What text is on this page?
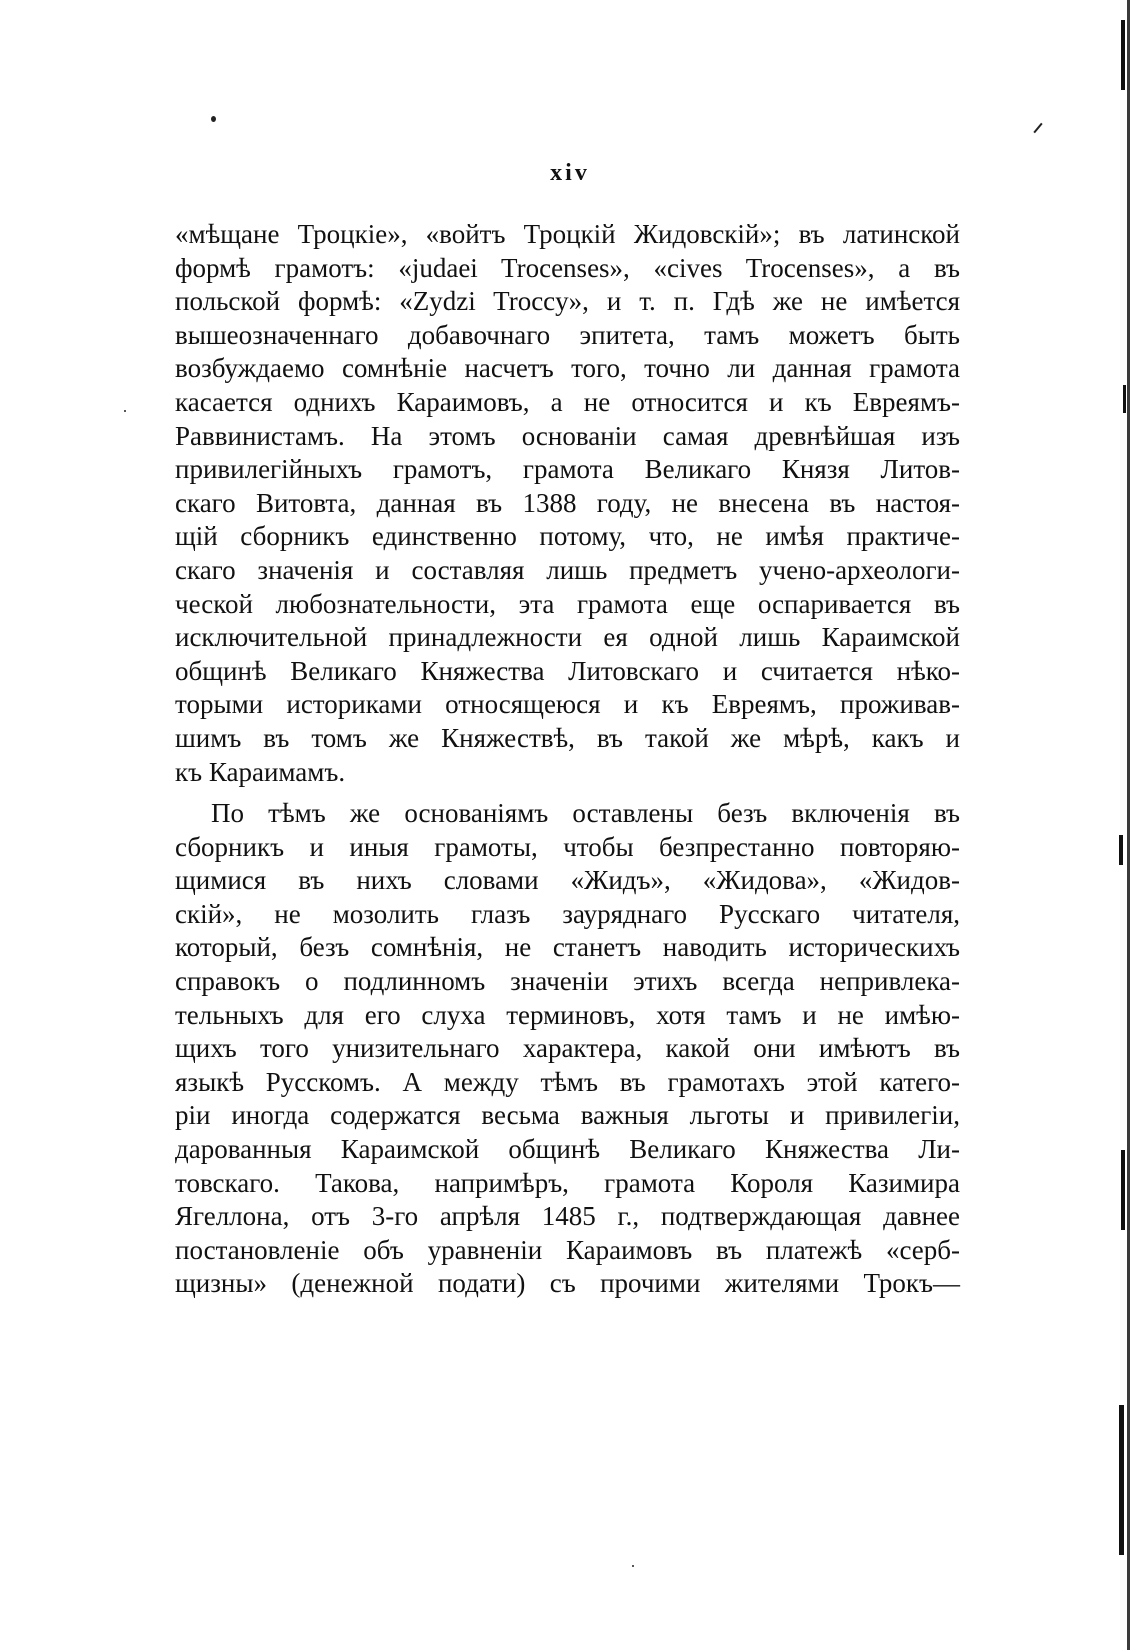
xiv
«мѣщане Троцкіе», «войтъ Троцкій Жидовскій»; въ латинской
формѣ грамотъ: «judaei Trocenses», «cives Trocenses», а въ
польской формѣ: «Zydzi Troccy», и т. п. Гдѣ же не имѣется
вышеозначеннаго добавочнаго эпитета, тамъ можетъ быть
возбуждаемо сомнѣніе насчетъ того, точно ли данная грамота
касается однихъ Караимовъ, а не относится и къ Евреямъ-
Раввинистамъ. На этомъ основаніи самая древнѣйшая изъ
привилегійныхъ грамотъ, грамота Великаго Князя Литов-
скаго Витовта, данная въ 1388 году, не внесена въ настоя-
щій сборникъ единственно потому, что, не имѣя практиче-
скаго значенія и составляя лишь предметъ учено-археологи-
ческой любознательности, эта грамота еще оспаривается въ
исключительной принадлежности ея одной лишь Караимской
общинѣ Великаго Княжества Литовскаго и считается нѣко-
торыми историками относящеюся и къ Евреямъ, проживав-
шимъ въ томъ же Княжествѣ, въ такой же мѣрѣ, какъ и
къ Караимамъ.
По тѣмъ же основаніямъ оставлены безъ включенія въ
сборникъ и иныя грамоты, чтобы безпрестанно повторяю-
щимися въ нихъ словами «Жидъ», «Жидова», «Жидов-
скій», не мозолить глазъ зауряднаго Русскаго читателя,
который, безъ сомнѣнія, не станетъ наводить историческихъ
справокъ о подлинномъ значеніи этихъ всегда непривлека-
тельныхъ для его слуха терминовъ, хотя тамъ и не имѣю-
щихъ того унизительнаго характера, какой они имѣютъ въ
языкѣ Русскомъ. А между тѣмъ въ грамотахъ этой катего-
ріи иногда содержатся весьма важныя льготы и привилегіи,
дарованныя Караимской общинѣ Великаго Княжества Ли-
товскаго. Такова, напримѣръ, грамота Короля Казимира
Ягеллона, отъ 3-го апрѣля 1485 г., подтверждающая давнее
постановленіе объ уравненіи Караимовъ въ платежѣ «серб-
щизны» (денежной подати) съ прочими жителями Трокъ—
